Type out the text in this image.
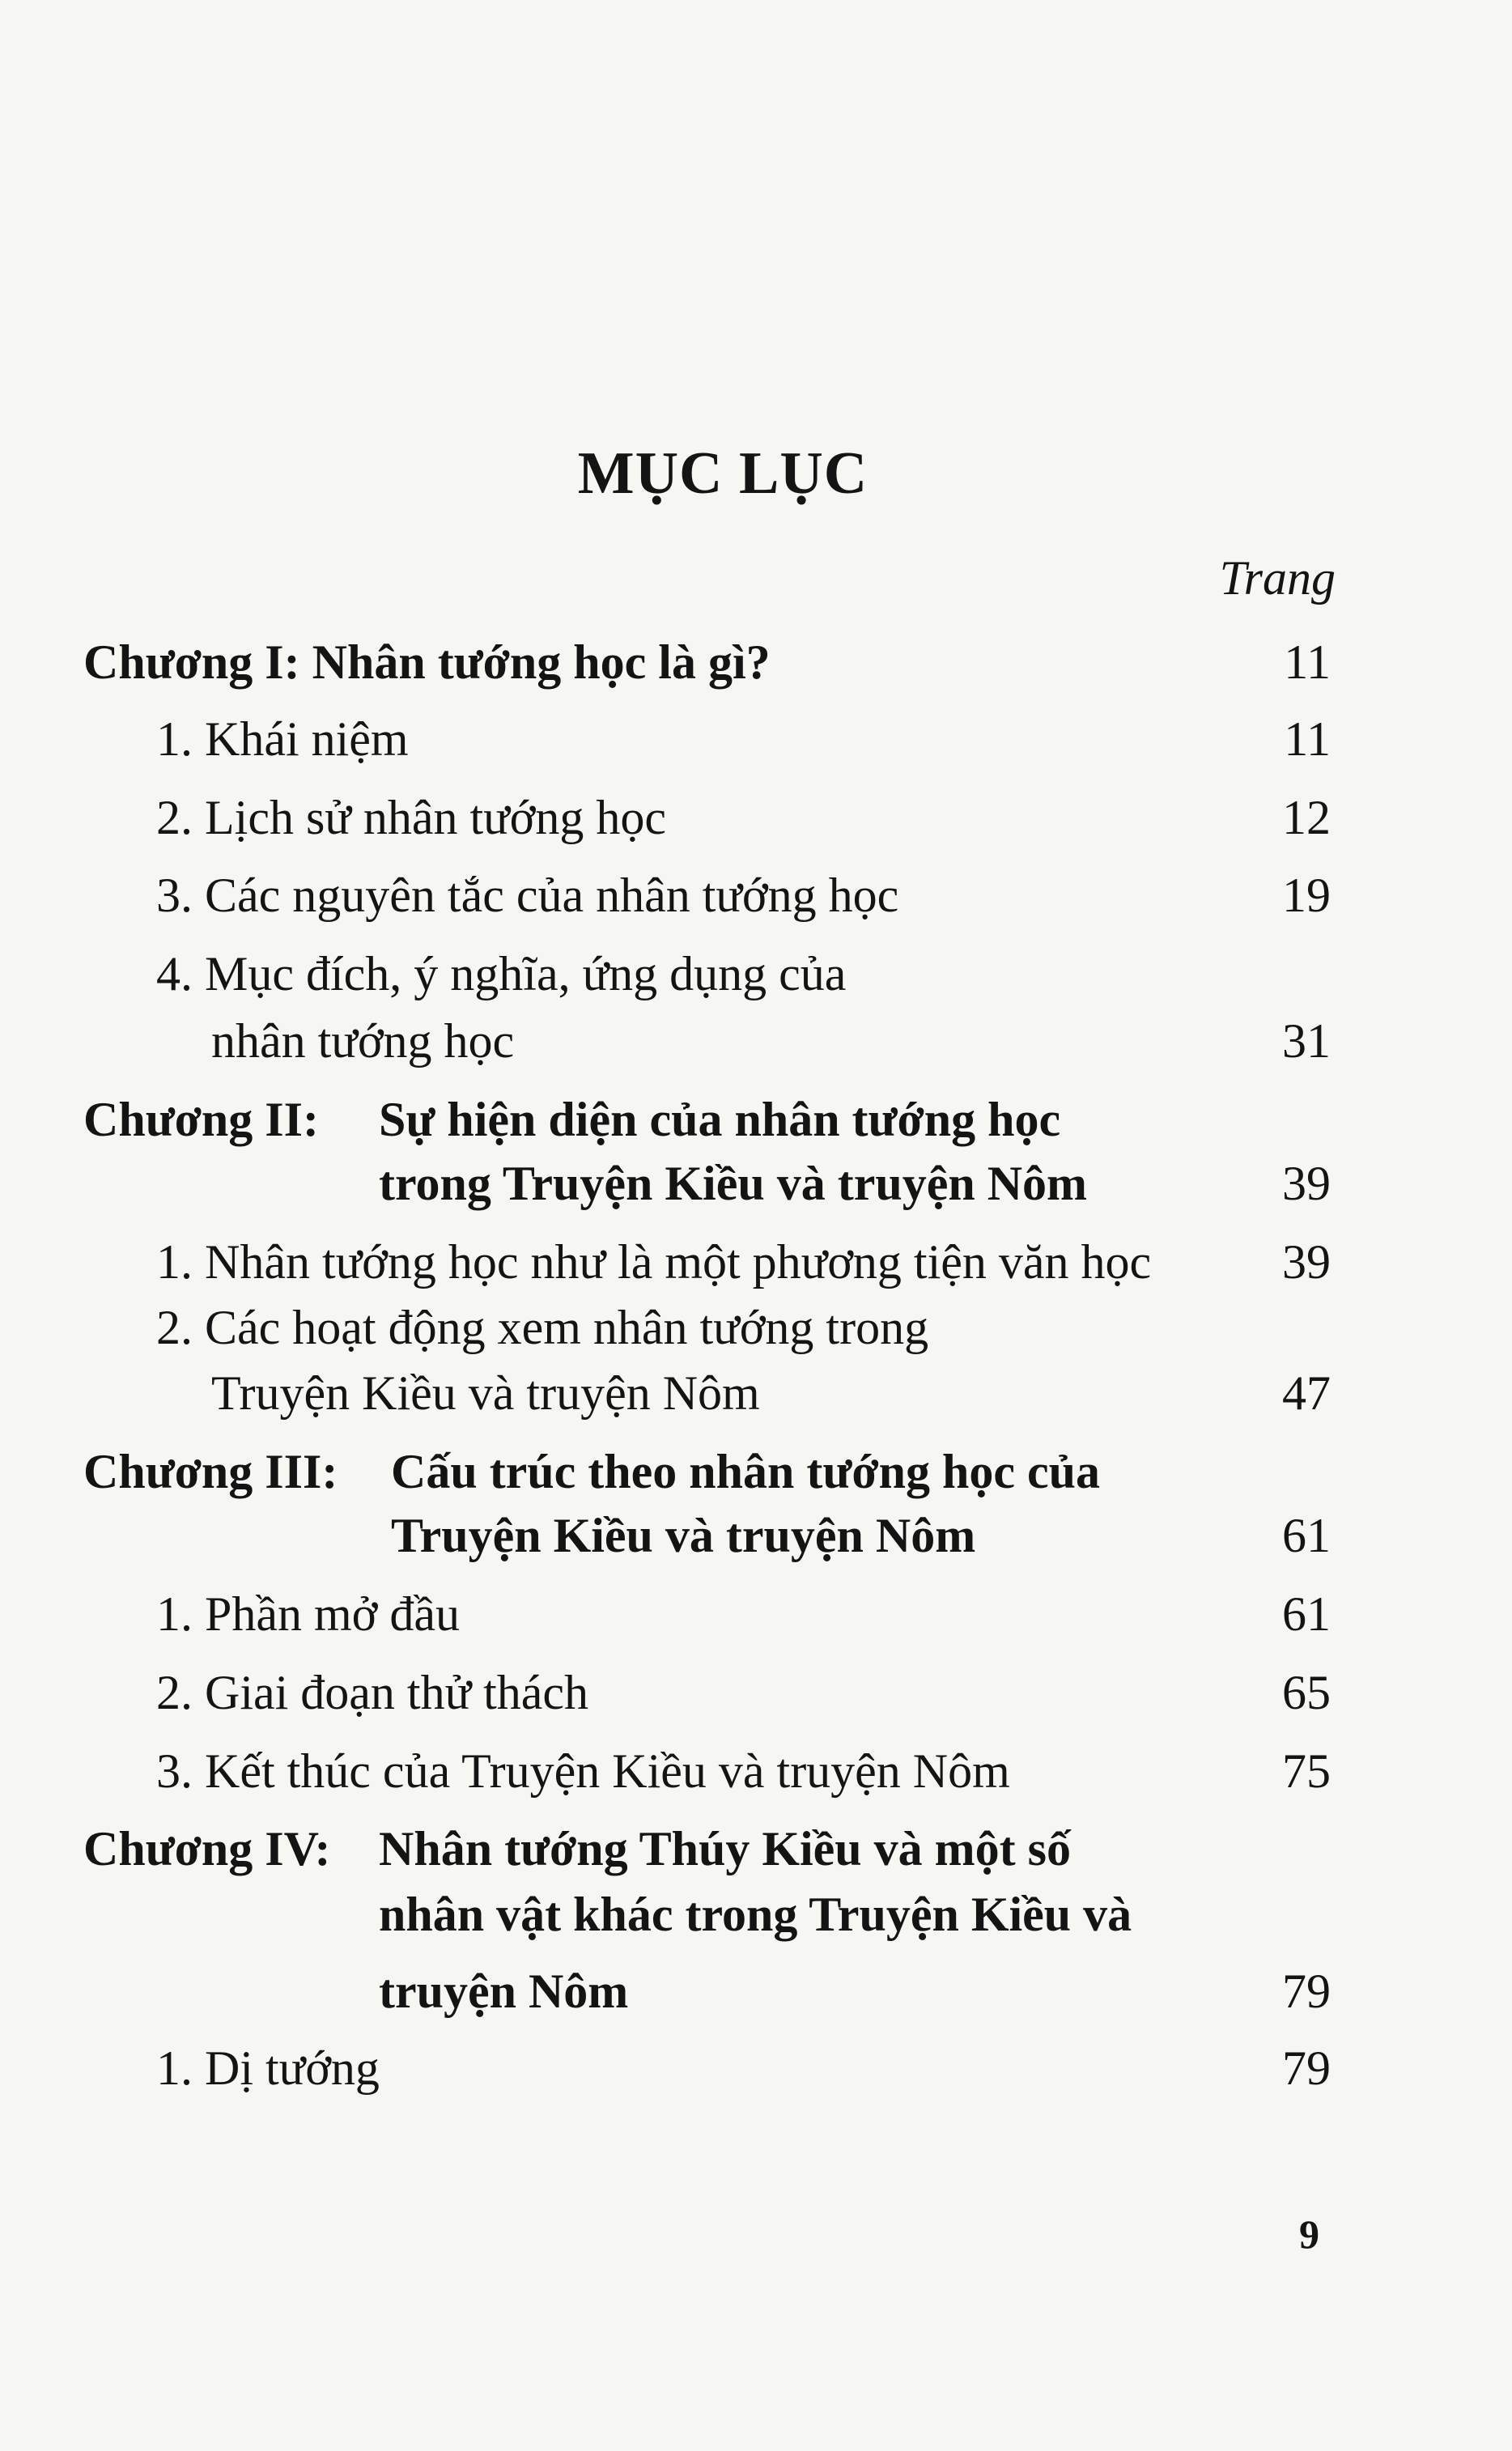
MỤC LỤC
Trang
Chương I: Nhân tướng học là gì?	11
1. Khái niệm	11
2. Lịch sử nhân tướng học	12
3. Các nguyên tắc của nhân tướng học	19
4. Mục đích, ý nghĩa, ứng dụng của
nhân tướng học	31
Chương II: Sự hiện diện của nhân tướng học
trong Truyện Kiều và truyện Nôm	39
1. Nhân tướng học như là một phương tiện văn học	39
2. Các hoạt động xem nhân tướng trong
Truyện Kiều và truyện Nôm	47
Chương III: Cấu trúc theo nhân tướng học của
Truyện Kiều và truyện Nôm	61
1. Phần mở đầu	61
2. Giai đoạn thử thách	65
3. Kết thúc của Truyện Kiều và truyện Nôm	75
Chương IV: Nhân tướng Thúy Kiều và một số
nhân vật khác trong Truyện Kiều và
truyện Nôm	79
1. Dị tướng	79
9
